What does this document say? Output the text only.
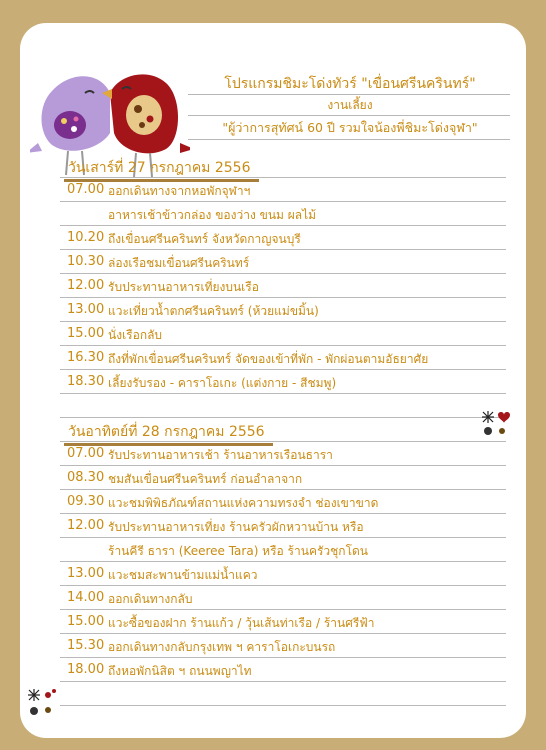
โปรแกรมชิมะโด่งทัวร์ "เขื่อนศรีนครินทร์"
งานเลี้ยง
"ผู้ว่าการสุทัศน์ 60 ปี รวมใจน้องพี่ชิมะโด่งจุฬา"
วันเสาร์ที่ 27 กรกฎาคม 2556
07.00 ออกเดินทางจากหอพักจุฬาฯ
อาหารเช้าข้าวกล่อง ของว่าง ขนม ผลไม้
10.20 ถึงเขื่อนศรีนครินทร์ จังหวัดกาญจนบุรี
10.30 ล่องเรือชมเขื่อนศรีนครินทร์
12.00 รับประทานอาหารเที่ยงบนเรือ
13.00 แวะเที่ยวน้ำตกศรีนครินทร์ (ห้วยแม่ขมิ้น)
15.00 นั่งเรือกลับ
16.30 ถึงที่พักเขื่อนศรีนครินทร์ จัดของเข้าที่พัก - พักผ่อนตามอัธยาศัย
18.30 เลี้ยงรับรอง - คาราโอเกะ (แต่งกาย - สีชมพู)
วันอาทิตย์ที่ 28 กรกฎาคม 2556
07.00 รับประทานอาหารเช้า ร้านอาหารเรือนธารา
08.30 ชมสันเขื่อนศรีนครินทร์ ก่อนอำลาจาก
09.30 แวะชมพิพิธภัณฑ์สถานแห่งความทรงจำ ช่องเขาขาด
12.00 รับประทานอาหารเที่ยง ร้านครัวผักหวานบ้าน หรือ
ร้านคีรี ธารา (Keeree Tara) หรือ ร้านครัวชุกโดน
13.00 แวะชมสะพานข้ามแม่น้ำแคว
14.00 ออกเดินทางกลับ
15.00 แวะซื้อของฝาก ร้านแก้ว / วุ้นเส้นท่าเรือ / ร้านศรีฟ้า
15.30 ออกเดินทางกลับกรุงเทพ ฯ คาราโอเกะบนรถ
18.00 ถึงหอพักนิสิต ฯ ถนนพญาไท
